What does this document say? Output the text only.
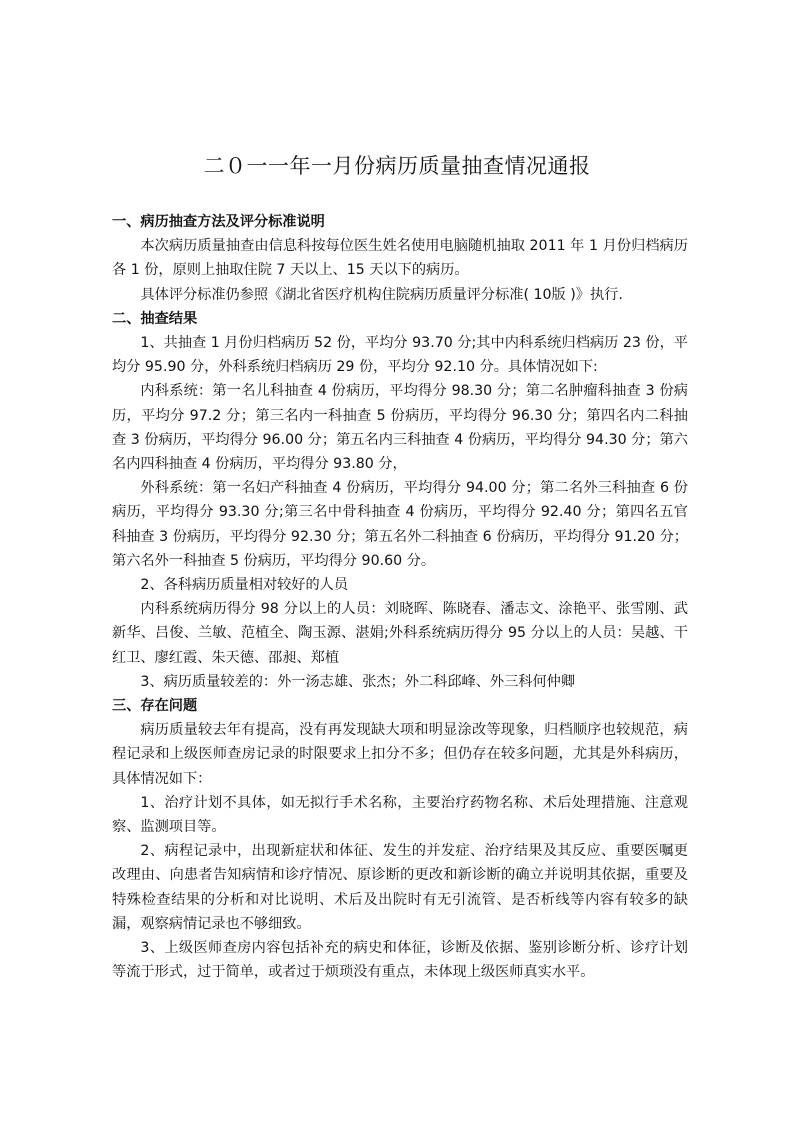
二０一一年一月份病历质量抽查情况通报

一、病历抽查方法及评分标准说明

本次病历质量抽查由信息科按每位医生姓名使用电脑随机抽取 2011 年 1 月份归档病历各 1 份，原则上抽取住院 7 天以上、15 天以下的病历。

具体评分标准仍参照《湖北省医疗机构住院病历质量评分标准( 10版 )》执行.

二、抽查结果

1、共抽查 1 月份归档病历 52 份，平均分 93.70 分;其中内科系统归档病历 23 份，平均分 95.90 分，外科系统归档病历 29 份，平均分 92.10 分。具体情况如下:

内科系统：第一名儿科抽查 4 份病历，平均得分 98.30 分；第二名肿瘤科抽查 3 份病历，平均分 97.2 分；第三名内一科抽查 5 份病历，平均得分 96.30 分；第四名内二科抽查 3 份病历，平均得分 96.00 分；第五名内三科抽查 4 份病历，平均得分 94.30 分；第六名内四科抽查 4 份病历，平均得分 93.80 分，

外科系统：第一名妇产科抽查 4 份病历，平均得分 94.00 分；第二名外三科抽查 6 份病历，平均得分 93.30 分;第三名中骨科抽查 4 份病历，平均得分 92.40 分；第四名五官科抽查 3 份病历，平均得分 92.30 分；第五名外二科抽查 6 份病历，平均得分 91.20 分；第六名外一科抽查 5 份病历，平均得分 90.60 分。

2、各科病历质量相对较好的人员

内科系统病历得分 98 分以上的人员：刘晓晖、陈晓春、潘志文、涂艳平、张雪刚、武新华、吕俊、兰敏、范植全、陶玉源、湛娟;外科系统病历得分 95 分以上的人员：吴越、干红卫、廖红霞、朱天德、邵昶、郑植

3、病历质量较差的：外一汤志雄、张杰；外二科邱峰、外三科何仲卿

三、存在问题

病历质量较去年有提高，没有再发现缺大项和明显涂改等现象，归档顺序也较规范，病程记录和上级医师查房记录的时限要求上扣分不多；但仍存在较多问题，尤其是外科病历，具体情况如下：

1、治疗计划不具体，如无拟行手术名称，主要治疗药物名称、术后处理措施、注意观察、监测项目等。

2、病程记录中，出现新症状和体征、发生的并发症、治疗结果及其反应、重要医嘱更改理由、向患者告知病情和诊疗情况、原诊断的更改和新诊断的确立并说明其依据，重要及特殊检查结果的分析和对比说明、术后及出院时有无引流管、是否析线等内容有较多的缺漏，观察病情记录也不够细致。

3、上级医师查房内容包括补充的病史和体征，诊断及依据、鉴别诊断分析、诊疗计划等流于形式，过于简单，或者过于烦琐没有重点，未体现上级医师真实水平。
